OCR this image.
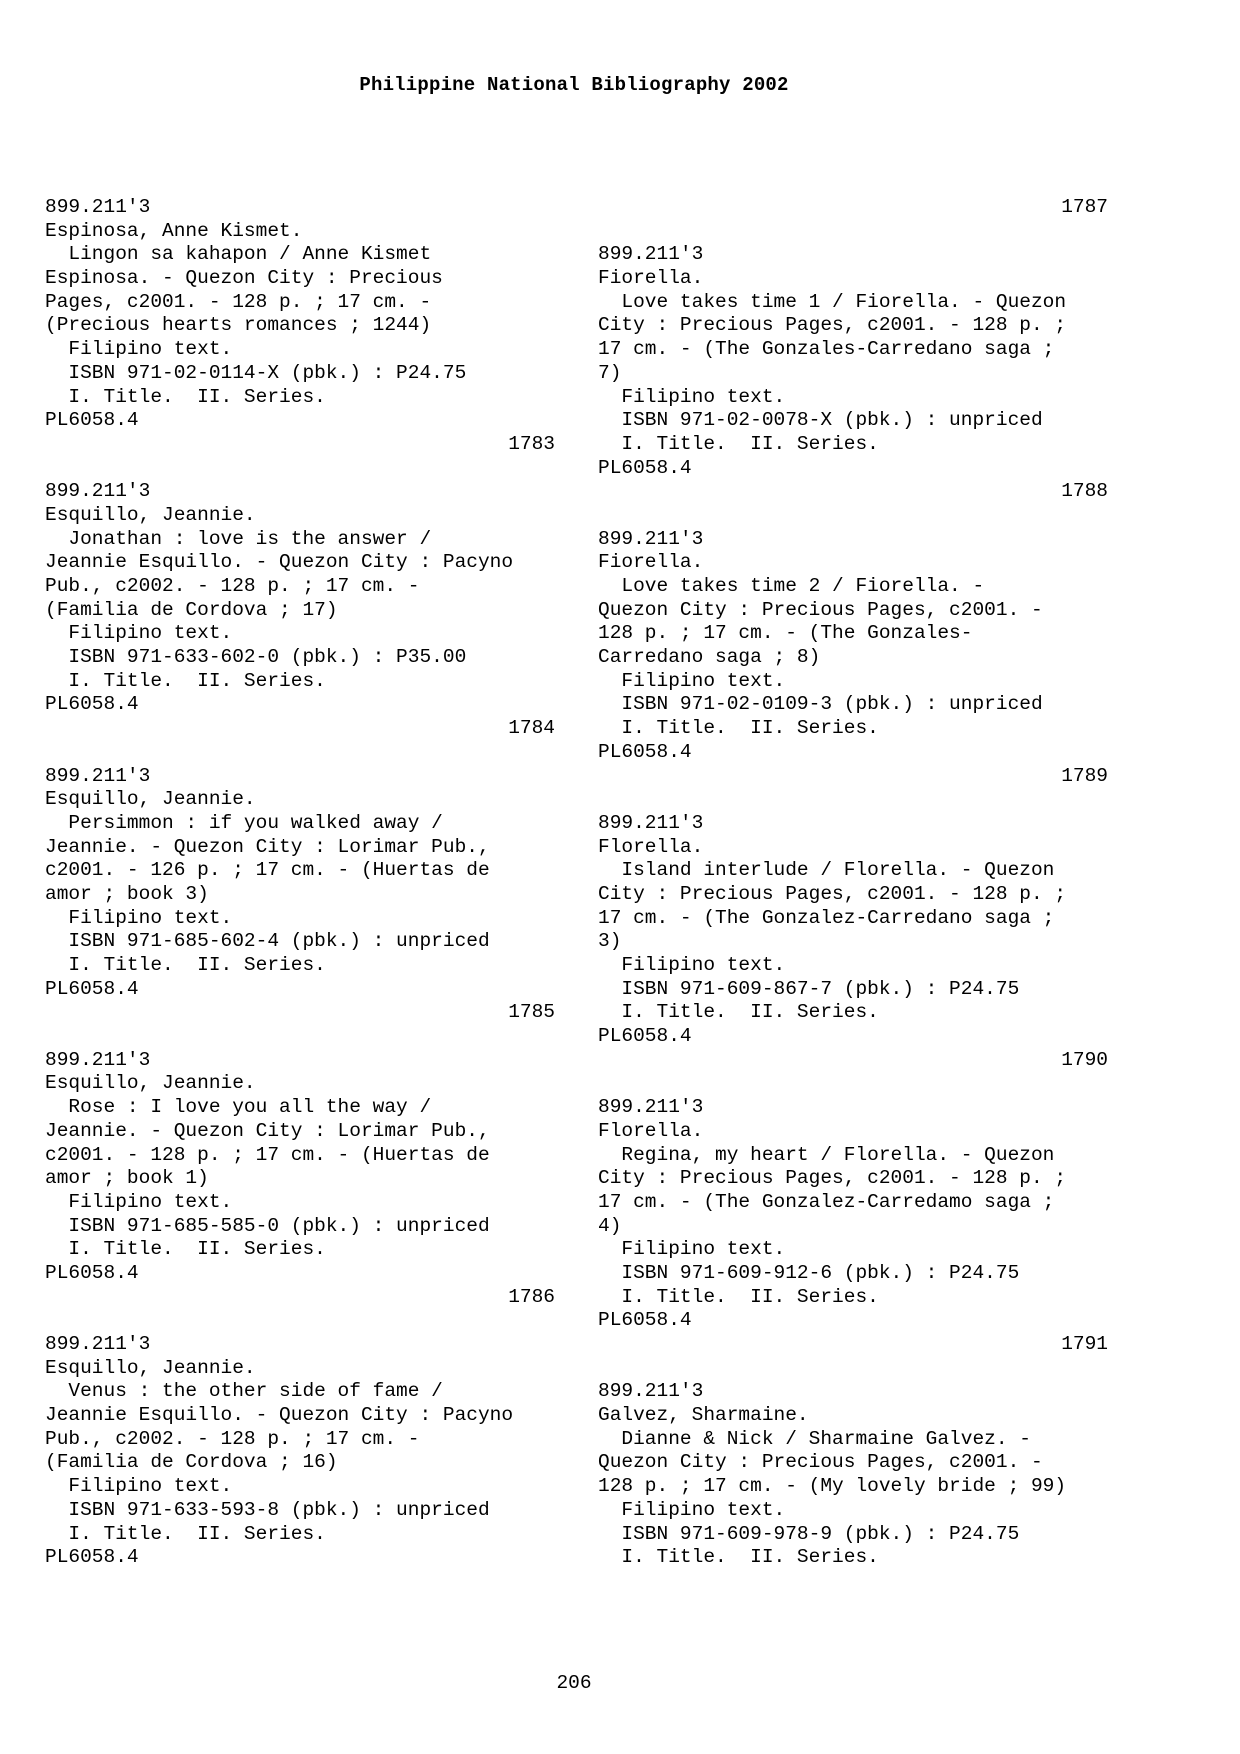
Philippine National Bibliography 2002
899.211'3
Espinosa, Anne Kismet.
Lingon sa kahapon / Anne Kismet
Espinosa. - Quezon City : Precious
Pages, c2001. - 128 p. ; 17 cm. -
(Precious hearts romances ; 1244)
Filipino text.
ISBN 971-02-0114-X (pbk.) : P24.75
I. Title.  II. Series.
PL6058.4
1783
899.211'3
Esquillo, Jeannie.
Jonathan : love is the answer /
Jeannie Esquillo. - Quezon City : Pacyno
Pub., c2002. - 128 p. ; 17 cm. -
(Familia de Cordova ; 17)
Filipino text.
ISBN 971-633-602-0 (pbk.) : P35.00
I. Title.  II. Series.
PL6058.4
1784
899.211'3
Esquillo, Jeannie.
Persimmon : if you walked away /
Jeannie. - Quezon City : Lorimar Pub.,
c2001. - 126 p. ; 17 cm. - (Huertas de
amor ; book 3)
Filipino text.
ISBN 971-685-602-4 (pbk.) : unpriced
I. Title.  II. Series.
PL6058.4
1785
899.211'3
Esquillo, Jeannie.
Rose : I love you all the way /
Jeannie. - Quezon City : Lorimar Pub.,
c2001. - 128 p. ; 17 cm. - (Huertas de
amor ; book 1)
Filipino text.
ISBN 971-685-585-0 (pbk.) : unpriced
I. Title.  II. Series.
PL6058.4
1786
899.211'3
Esquillo, Jeannie.
Venus : the other side of fame /
Jeannie Esquillo. - Quezon City : Pacyno
Pub., c2002. - 128 p. ; 17 cm. -
(Familia de Cordova ; 16)
Filipino text.
ISBN 971-633-593-8 (pbk.) : unpriced
I. Title.  II. Series.
PL6058.4
1787
899.211'3
Fiorella.
Love takes time 1 / Fiorella. - Quezon
City : Precious Pages, c2001. - 128 p. ;
17 cm. - (The Gonzales-Carredano saga ;
7)
Filipino text.
ISBN 971-02-0078-X (pbk.) : unpriced
I. Title.  II. Series.
PL6058.4
1788
899.211'3
Fiorella.
Love takes time 2 / Fiorella. -
Quezon City : Precious Pages, c2001. -
128 p. ; 17 cm. - (The Gonzales-
Carredano saga ; 8)
Filipino text.
ISBN 971-02-0109-3 (pbk.) : unpriced
I. Title.  II. Series.
PL6058.4
1789
899.211'3
Florella.
Island interlude / Florella. - Quezon
City : Precious Pages, c2001. - 128 p. ;
17 cm. - (The Gonzalez-Carredano saga ;
3)
Filipino text.
ISBN 971-609-867-7 (pbk.) : P24.75
I. Title.  II. Series.
PL6058.4
1790
899.211'3
Florella.
Regina, my heart / Florella. - Quezon
City : Precious Pages, c2001. - 128 p. ;
17 cm. - (The Gonzalez-Carredamo saga ;
4)
Filipino text.
ISBN 971-609-912-6 (pbk.) : P24.75
I. Title.  II. Series.
PL6058.4
1791
899.211'3
Galvez, Sharmaine.
Dianne & Nick / Sharmaine Galvez. -
Quezon City : Precious Pages, c2001. -
128 p. ; 17 cm. - (My lovely bride ; 99)
Filipino text.
ISBN 971-609-978-9 (pbk.) : P24.75
I. Title.  II. Series.
206
